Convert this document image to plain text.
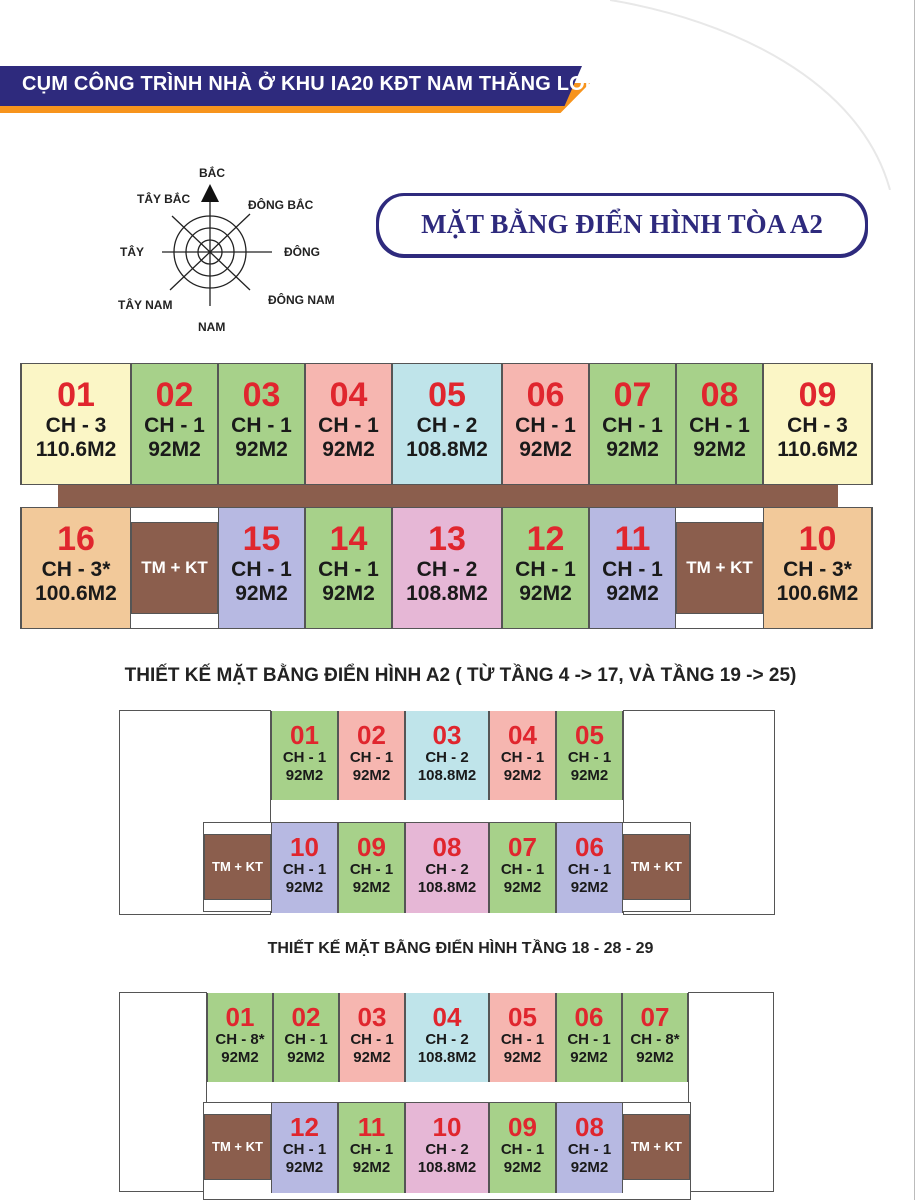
CỤM CÔNG TRÌNH NHÀ Ở KHU IA20 KĐT NAM THĂNG LONG
BẮC
TÂY BẮC	ĐÔNG BẮC
TÂY	ĐÔNG
TÂY NAM	ĐÔNG NAM
NAM
MẶT BẰNG ĐIỂN HÌNH TÒA A2
01
CH - 3
110.6M2
02
CH - 1
92M2
03
CH - 1
92M2
04
CH - 1
92M2
05
CH - 2
108.8M2
06
CH - 1
92M2
07
CH - 1
92M2
08
CH - 1
92M2
09
CH - 3
110.6M2
16
CH - 3*
100.6M2
TM + KT
15
CH - 1
92M2
14
CH - 1
92M2
13
CH - 2
108.8M2
12
CH - 1
92M2
11
CH - 1
92M2
TM + KT
10
CH - 3*
100.6M2
THIẾT KẾ MẶT BẰNG ĐIỂN HÌNH A2 ( TỪ TẦNG 4 -> 17, VÀ TẦNG 19 -> 25)
01
CH - 1
92M2
02
CH - 1
92M2
03
CH - 2
108.8M2
04
CH - 1
92M2
05
CH - 1
92M2
TM + KT
10
CH - 1
92M2
09
CH - 1
92M2
08
CH - 2
108.8M2
07
CH - 1
92M2
06
CH - 1
92M2
TM + KT
THIẾT KẾ MẶT BẰNG ĐIỂN HÌNH TẦNG 18 - 28 - 29
01
CH - 8*
92M2
02
CH - 1
92M2
03
CH - 1
92M2
04
CH - 2
108.8M2
05
CH - 1
92M2
06
CH - 1
92M2
07
CH - 8*
92M2
TM + KT
12
CH - 1
92M2
11
CH - 1
92M2
10
CH - 2
108.8M2
09
CH - 1
92M2
08
CH - 1
92M2
TM + KT
